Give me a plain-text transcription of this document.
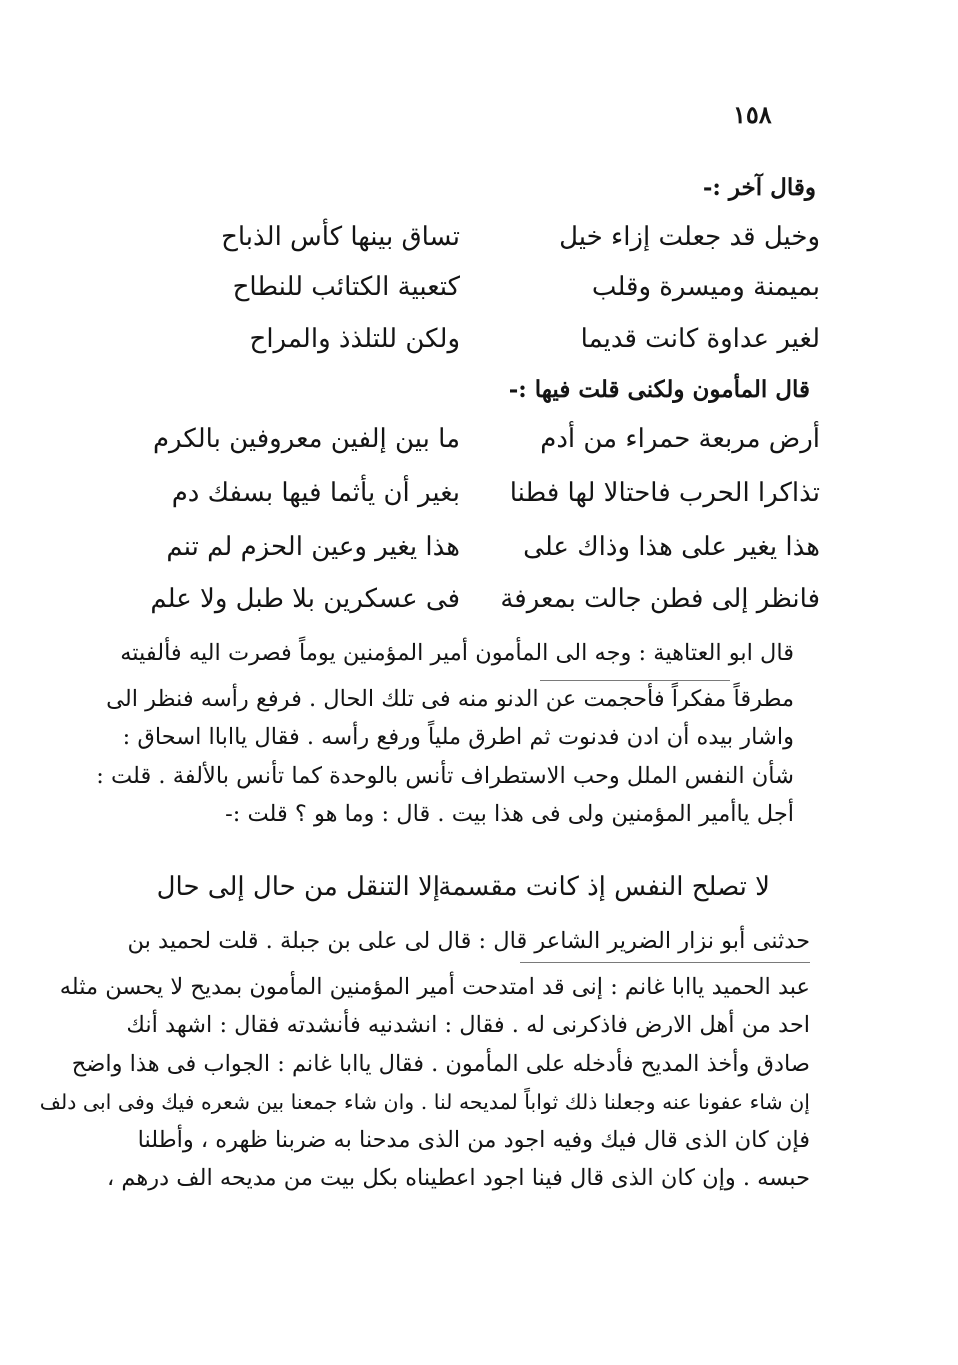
١٥٨
وقال آخر :-
وخيل قد جعلت إزاء خيل
تساق بينها كأس الذباح
بميمنة وميسرة وقلب
كتعبية الكتائب للنطاح
لغير عداوة كانت قديما
ولكن للتلذذ والمراح
قال المأمون ولكنى قلت فيها :-
أرض مربعة حمراء من أدم
ما بين إلفين معروفين بالكرم
تذاكرا الحرب فاحتالا لها فطنا
بغير أن يأثما فيها بسفك دم
هذا يغير على هذا وذاك على
هذا يغير وعين الحزم لم تنم
فانظر إلى فطن جالت بمعرفة
فى عسكرين بلا طبل ولا علم
قال ابو العتاهية : وجه الى المأمون أمير المؤمنين يوماً فصرت اليه فألفيته
مطرقاً مفكراً فأحجمت عن الدنو منه فى تلك الحال . فرفع رأسه فنظر الى
واشار بيده أن ادن فدنوت ثم اطرق ملياً ورفع رأسه . فقال يااباا اسحاق :
شأن النفس الملل وحب الاستطراف تأنس بالوحدة كما تأنس بالألفة . قلت :
أجل ياأمير المؤمنين ولى فى هذا بيت . قال : وما هو ؟ قلت :-
لا تصلح النفس إذ كانت مقسمة
إلا التنقل من حال إلى حال
حدثنى أبو نزار الضرير الشاعر قال : قال لى على بن جبلة . قلت لحميد بن
عبد الحميد ياابا غانم : إنى قد امتدحت أمير المؤمنين المأمون بمديح لا يحسن مثله
احد من أهل الارض فاذكرنى له . فقال : انشدنيه فأنشدته فقال : اشهد أنك
صادق وأخذ المديح فأدخله على المأمون . فقال ياابا غانم : الجواب فى هذا واضح
إن شاء عفونا عنه وجعلنا ذلك ثواباً لمديحه لنا . وان شاء جمعنا بين شعره فيك وفى ابى دلف
فإن كان الذى قال فيك وفيه اجود من الذى مدحنا به ضربنا ظهره ، وأطلنا
حبسه . وإن كان الذى قال فينا اجود اعطيناه بكل بيت من مديحه الف درهم ،
